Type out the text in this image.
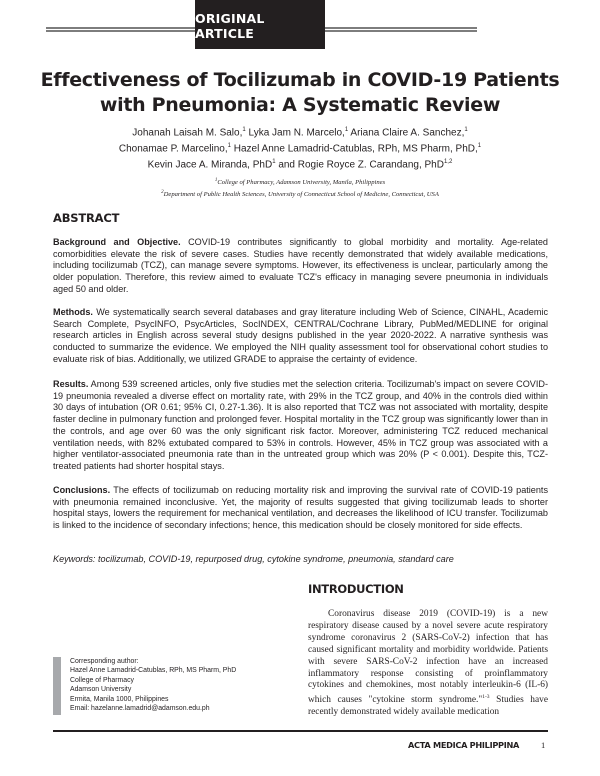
ORIGINAL ARTICLE
Effectiveness of Tocilizumab in COVID-19 Patients
with Pneumonia: A Systematic Review
Johanah Laisah M. Salo,$^1$ Lyka Jam N. Marcelo,$^1$ Ariana Claire A. Sanchez,$^1$
Chonamae P. Marcelino,$^1$ Hazel Anne Lamadrid-Catublas, RPh, MS Pharm, PhD,$^1$
Kevin Jace A. Miranda, PhD$^1$ and Rogie Royce Z. Carandang, PhD$^{1,2}$
$^1$College of Pharmacy, Adamson University, Manila, Philippines
$^2$Department of Public Health Sciences, University of Connecticut School of Medicine, Connecticut, USA
ABSTRACT
Background and Objective. COVID-19 contributes significantly to global morbidity and mortality. Age-related comorbidities elevate the risk of severe cases. Studies have recently demonstrated that widely available medications, including tocilizumab (TCZ), can manage severe symptoms. However, its effectiveness is unclear, particularly among the older population. Therefore, this review aimed to evaluate TCZ's efficacy in managing severe pneumonia in individuals aged 50 and older.
Methods. We systematically search several databases and gray literature including Web of Science, CINAHL, Academic Search Complete, PsycINFO, PsycArticles, SocINDEX, CENTRAL/Cochrane Library, PubMed/MEDLINE for original research articles in English across several study designs published in the year 2020-2022. A narrative synthesis was conducted to summarize the evidence. We employed the NIH quality assessment tool for observational cohort studies to evaluate risk of bias. Additionally, we utilized GRADE to appraise the certainty of evidence.
Results. Among 539 screened articles, only five studies met the selection criteria. Tocilizumab's impact on severe COVID-19 pneumonia revealed a diverse effect on mortality rate, with 29% in the TCZ group, and 40% in the controls died within 30 days of intubation (OR 0.61; 95% CI, 0.27-1.36). It is also reported that TCZ was not associated with mortality, despite faster decline in pulmonary function and prolonged fever. Hospital mortality in the TCZ group was significantly lower than in the controls, and age over 60 was the only significant risk factor. Moreover, administering TCZ reduced mechanical ventilation needs, with 82% extubated compared to 53% in controls. However, 45% in TCZ group was associated with a higher ventilator-associated pneumonia rate than in the untreated group which was 20% (P < 0.001). Despite this, TCZ-treated patients had shorter hospital stays.
Conclusions. The effects of tocilizumab on reducing mortality risk and improving the survival rate of COVID-19 patients with pneumonia remained inconclusive. Yet, the majority of results suggested that giving tocilizumab leads to shorter hospital stays, lowers the requirement for mechanical ventilation, and decreases the likelihood of ICU transfer. Tocilizumab is linked to the incidence of secondary infections; hence, this medication should be closely monitored for side effects.
Keywords: tocilizumab, COVID-19, repurposed drug, cytokine syndrome, pneumonia, standard care
INTRODUCTION
Coronavirus disease 2019 (COVID-19) is a new respiratory disease caused by a novel severe acute respiratory syndrome coronavirus 2 (SARS-CoV-2) infection that has caused significant mortality and morbidity worldwide. Patients with severe SARS-CoV-2 infection have an increased inflammatory response consisting of proinflammatory cytokines and chemokines, most notably interleukin-6 (IL-6) which causes "cytokine storm syndrome."$^{1-3}$ Studies have recently demonstrated widely available medication
Corresponding author:
Hazel Anne Lamadrid-Catublas, RPh, MS Pharm, PhD
College of Pharmacy
Adamson University
Ermita, Manila 1000, Philippines
Email: hazelanne.lamadrid@adamson.edu.ph
ACTA MEDICA PHILIPPINA	1
